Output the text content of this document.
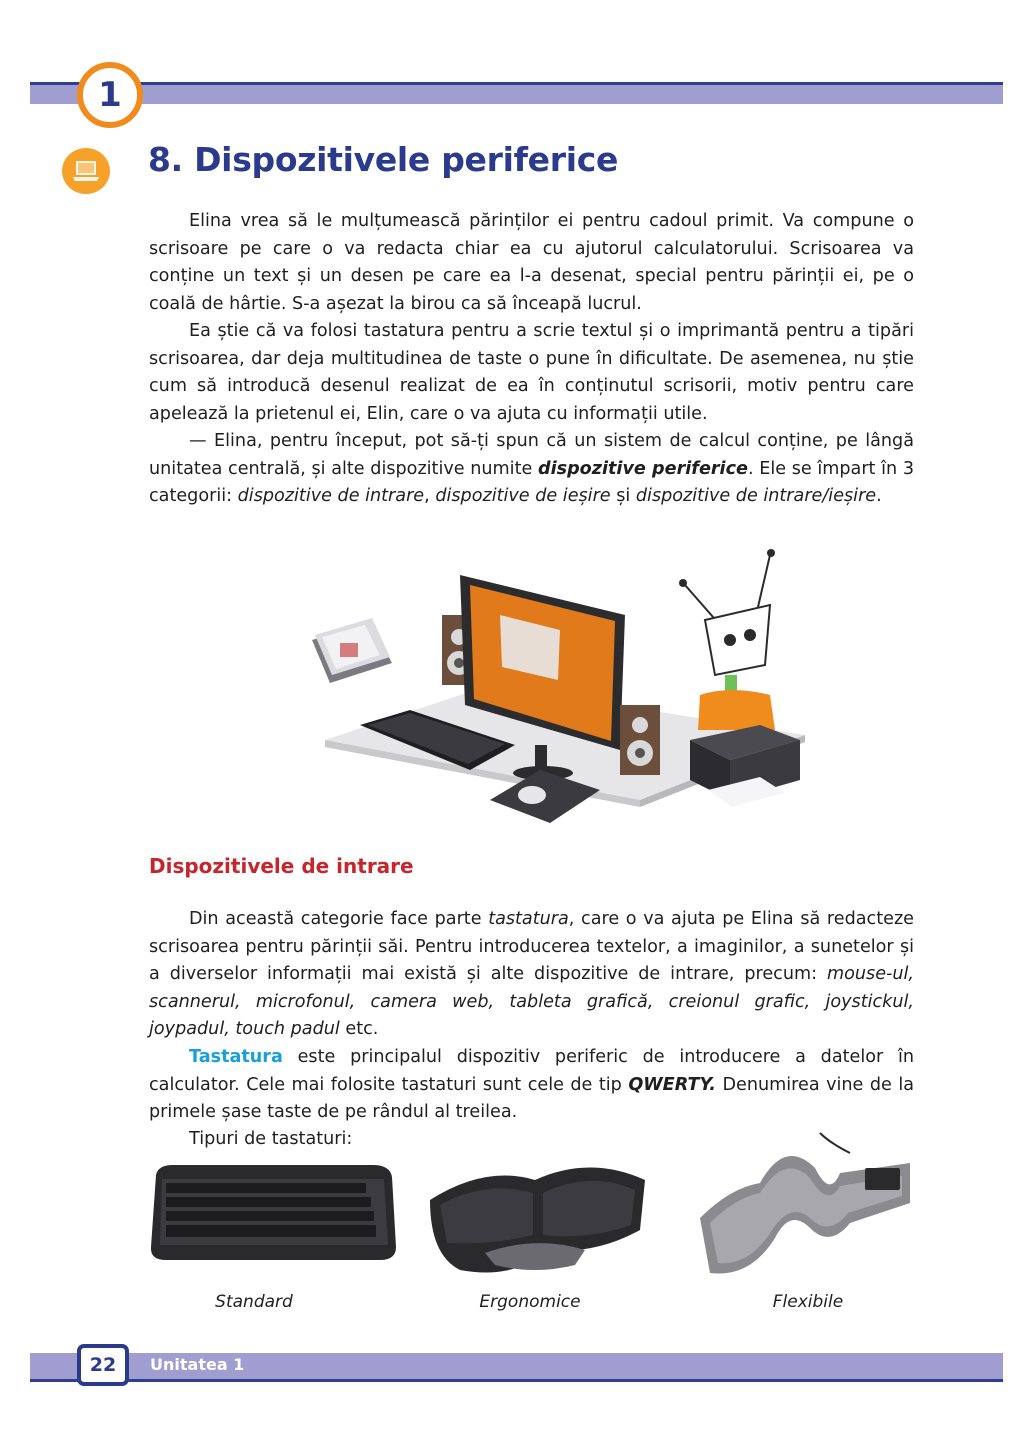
1
8. Dispozitivele periferice

Elina vrea să le mulțumească părinților ei pentru cadoul primit. Va compune o scrisoare pe care o va redacta chiar ea cu ajutorul calculatorului. Scrisoarea va conține un text și un desen pe care ea l-a desenat, special pentru părinții ei, pe o coală de hârtie. S-a așezat la birou ca să înceapă lucrul.

Ea știe că va folosi tastatura pentru a scrie textul și o imprimantă pentru a tipări scrisoarea, dar deja multitudinea de taste o pune în dificultate. De asemenea, nu știe cum să introducă desenul realizat de ea în conținutul scrisorii, motiv pentru care apelează la prietenul ei, Elin, care o va ajuta cu informații utile.

— Elina, pentru început, pot să-ți spun că un sistem de calcul conține, pe lângă unitatea centrală, și alte dispozitive numite dispozitive periferice. Ele se împart în 3 categorii: dispozitive de intrare, dispozitive de ieșire și dispozitive de intrare/ieșire.

Dispozitivele de intrare

Din această categorie face parte tastatura, care o va ajuta pe Elina să redacteze scrisoarea pentru părinții săi. Pentru introducerea textelor, a imaginilor, a sunetelor și a diverselor informații mai există și alte dispozitive de intrare, precum: mouse-ul, scannerul, microfonul, camera web, tableta grafică, creionul grafic, joystickul, joypadul, touch padul etc.

Tastatura este principalul dispozitiv periferic de introducere a datelor în calculator. Cele mai folosite tastaturi sunt cele de tip QWERTY. Denumirea vine de la primele șase taste de pe rândul al treilea.

Tipuri de tastaturi:

Standard	Ergonomice	Flexibile
22 Unitatea 1
